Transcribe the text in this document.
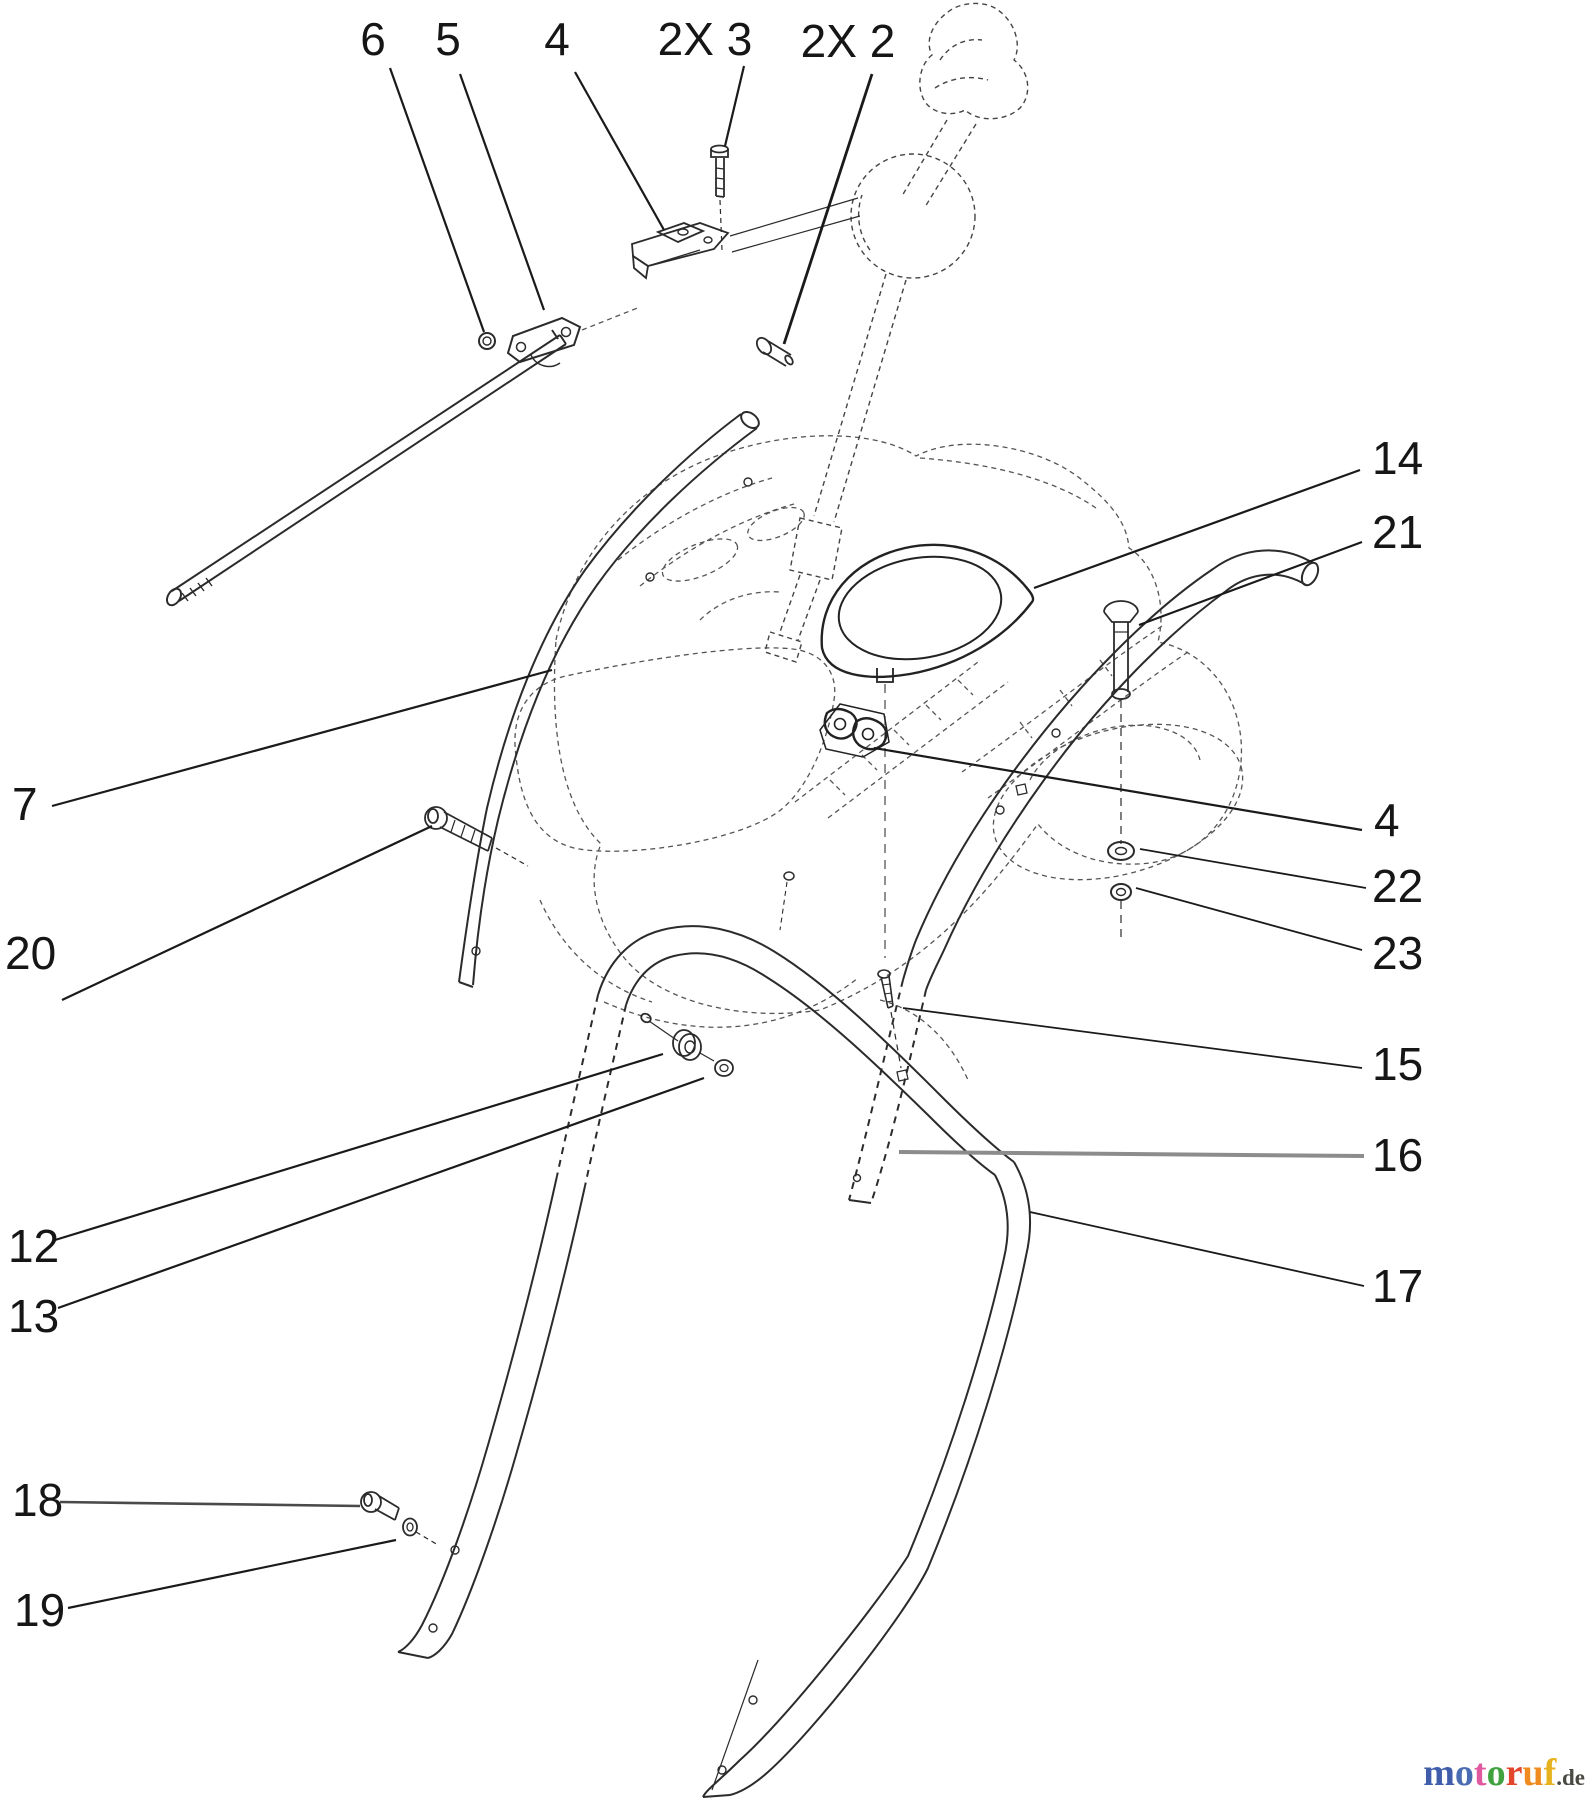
6 5 4 2X 3 2X 2
14
21
7	4
20
22
23
12
15
13
16
17
18
19
motoruf.de
